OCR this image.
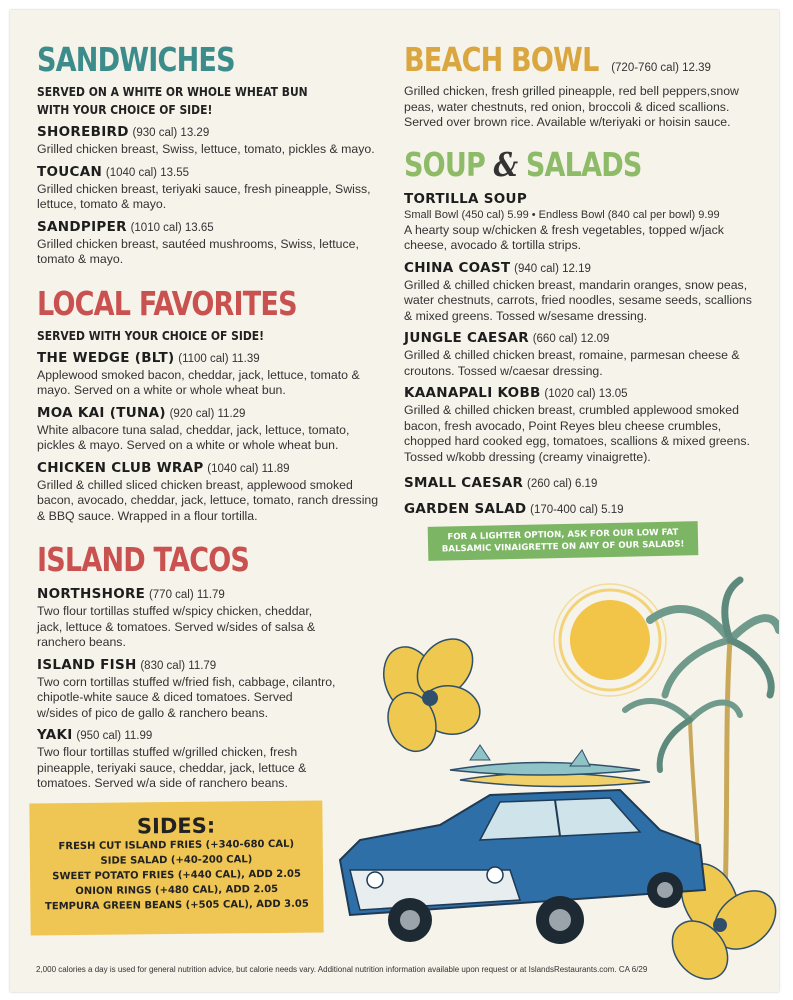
SANDWICHES
SERVED ON A WHITE OR WHOLE WHEAT BUN
WITH YOUR CHOICE OF SIDE!
SHOREBIRD (930 cal) 13.29
Grilled chicken breast, Swiss, lettuce, tomato, pickles & mayo.
TOUCAN (1040 cal) 13.55
Grilled chicken breast, teriyaki sauce, fresh pineapple, Swiss, lettuce, tomato & mayo.
SANDPIPER (1010 cal) 13.65
Grilled chicken breast, sautéed mushrooms, Swiss, lettuce, tomato & mayo.
LOCAL FAVORITES
SERVED WITH YOUR CHOICE OF SIDE!
THE WEDGE (BLT) (1100 cal) 11.39
Applewood smoked bacon, cheddar, jack, lettuce, tomato & mayo. Served on a white or whole wheat bun.
MOA KAI (TUNA) (920 cal) 11.29
White albacore tuna salad, cheddar, jack, lettuce, tomato, pickles & mayo. Served on a white or whole wheat bun.
CHICKEN CLUB WRAP (1040 cal) 11.89
Grilled & chilled sliced chicken breast, applewood smoked bacon, avocado, cheddar, jack, lettuce, tomato, ranch dressing & BBQ sauce. Wrapped in a flour tortilla.
ISLAND TACOS
NORTHSHORE (770 cal) 11.79
Two flour tortillas stuffed w/spicy chicken, cheddar, jack, lettuce & tomatoes. Served w/sides of salsa & ranchero beans.
ISLAND FISH (830 cal) 11.79
Two corn tortillas stuffed w/fried fish, cabbage, cilantro, chipotle-white sauce & diced tomatoes. Served w/sides of pico de gallo & ranchero beans.
YAKI (950 cal) 11.99
Two flour tortillas stuffed w/grilled chicken, fresh pineapple, teriyaki sauce, cheddar, jack, lettuce & tomatoes. Served w/a side of ranchero beans.
BEACH BOWL (720-760 cal) 12.39
Grilled chicken, fresh grilled pineapple, red bell peppers,snow peas, water chestnuts, red onion, broccoli & diced scallions. Served over brown rice. Available w/teriyaki or hoisin sauce.
SOUP & SALADS
TORTILLA SOUP
Small Bowl (450 cal) 5.99 • Endless Bowl (840 cal per bowl) 9.99
A hearty soup w/chicken & fresh vegetables, topped w/jack cheese, avocado & tortilla strips.
CHINA COAST (940 cal) 12.19
Grilled & chilled chicken breast, mandarin oranges, snow peas, water chestnuts, carrots, fried noodles, sesame seeds, scallions & mixed greens. Tossed w/sesame dressing.
JUNGLE CAESAR (660 cal) 12.09
Grilled & chilled chicken breast, romaine, parmesan cheese & croutons. Tossed w/caesar dressing.
KAANAPALI KOBB (1020 cal) 13.05
Grilled & chilled chicken breast, crumbled applewood smoked bacon, fresh avocado, Point Reyes bleu cheese crumbles, chopped hard cooked egg, tomatoes, scallions & mixed greens. Tossed w/kobb dressing (creamy vinaigrette).
SMALL CAESAR (260 cal) 6.19
GARDEN SALAD (170-400 cal) 5.19
FOR A LIGHTER OPTION, ASK FOR OUR LOW FAT
BALSAMIC VINAIGRETTE ON ANY OF OUR SALADS!
SIDES:
FRESH CUT ISLAND FRIES (+340-680 CAL)
SIDE SALAD (+40-200 CAL)
SWEET POTATO FRIES (+440 CAL), ADD 2.05
ONION RINGS (+480 CAL), ADD 2.05
TEMPURA GREEN BEANS (+505 CAL), ADD 3.05
2,000 calories a day is used for general nutrition advice, but calorie needs vary. Additional nutrition information available upon request or at IslandsRestaurants.com. CA 6/29
